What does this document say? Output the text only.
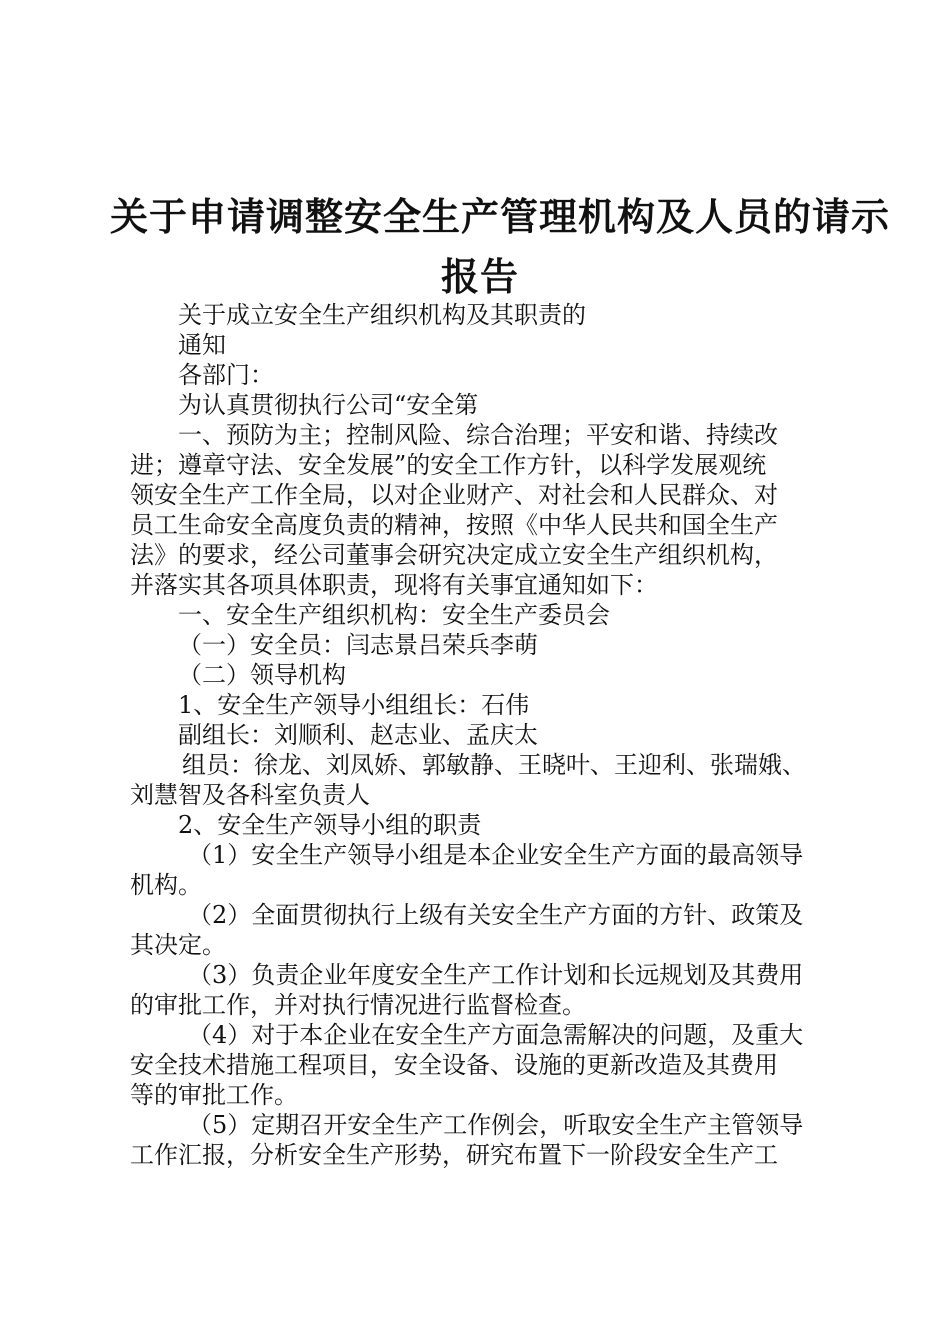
关于申请调整安全生产管理机构及人员的请示
报告
关于成立安全生产组织机构及其职责的
通知
各部门：
为认真贯彻执行公司“安全第
一、预防为主；控制风险、综合治理；平安和谐、持续改
进；遵章守法、安全发展”的安全工作方针，以科学发展观统
领安全生产工作全局，以对企业财产、对社会和人民群众、对
员工生命安全高度负责的精神，按照《中华人民共和国全生产
法》的要求，经公司董事会研究决定成立安全生产组织机构，
并落实其各项具体职责，现将有关事宜通知如下：
一、安全生产组织机构：安全生产委员会
（一）安全员：闫志景吕荣兵李萌
（二）领导机构
1、安全生产领导小组组长：石伟
副组长：刘顺利、赵志业、孟庆太
组员：徐龙、刘凤娇、郭敏静、王晓叶、王迎利、张瑞娥、
刘慧智及各科室负责人
2、安全生产领导小组的职责
（1）安全生产领导小组是本企业安全生产方面的最高领导
机构。
（2）全面贯彻执行上级有关安全生产方面的方针、政策及
其决定。
（3）负责企业年度安全生产工作计划和长远规划及其费用
的审批工作，并对执行情况进行监督检查。
（4）对于本企业在安全生产方面急需解决的问题，及重大
安全技术措施工程项目，安全设备、设施的更新改造及其费用
等的审批工作。
（5）定期召开安全生产工作例会，听取安全生产主管领导
工作汇报，分析安全生产形势，研究布置下一阶段安全生产工
